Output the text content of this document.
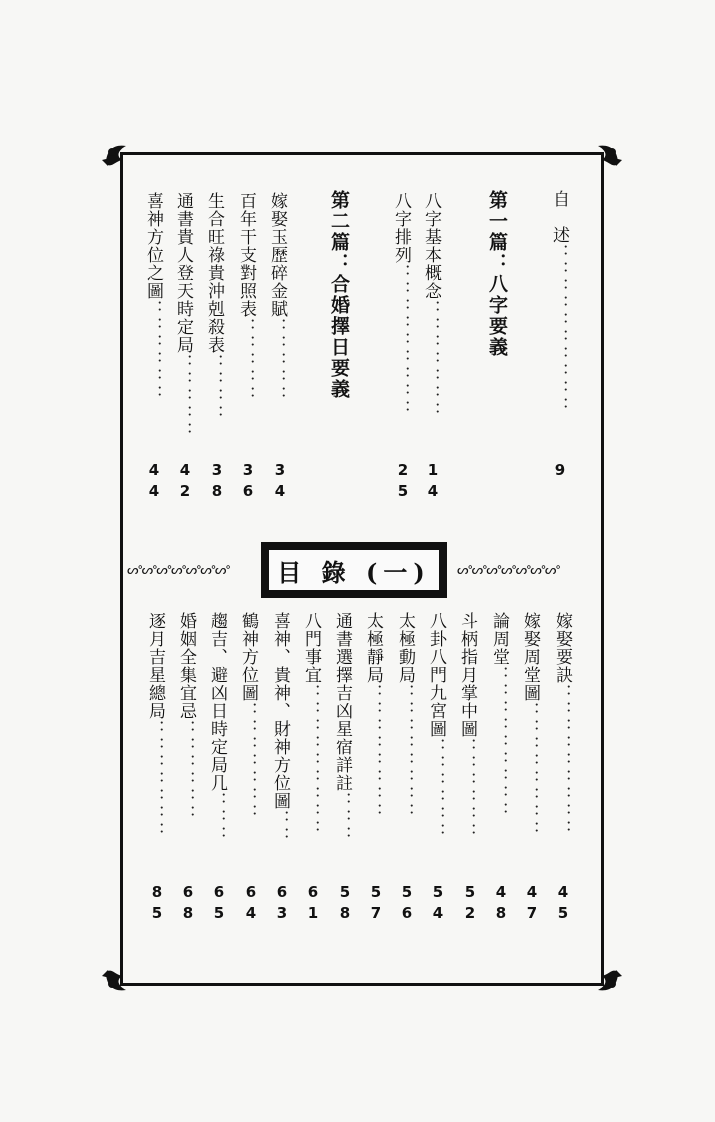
自　述：：：：：：：：：：
9
第一篇：八字要義
八字基本概念：：：：：：：
1
4
八字排列：：：：：：：：：
2
5
第二篇：合婚擇日要義
嫁娶玉歷碎金賦：：：：：
3
4
百年干支對照表：：：：：
3
6
生合旺祿貴沖剋殺表：：：：
3
8
通書貴人登天時定局：：：：：
4
2
喜神方位之圖：：：：：：
4
4
ᔕᐤᔕᐤᔕᐤᔕᐤᔕᐤᔕᐤᔕᐤ	目 錄 (一)	ᔕᐤᔕᐤᔕᐤᔕᐤᔕᐤᔕᐤᔕᐤ
嫁娶要訣：：：：：：：：：
4
5
嫁娶周堂圖：：：：：：：：
4
7
論周堂：：：：：：：：：
4
8
斗柄指月掌中圖：：：：：：
5
2
八卦八門九宮圖：：：：：：
5
4
太極動局：：：：：：：：
5
6
太極靜局：：：：：：：：
5
7
通書選擇吉凶星宿詳註：：：
5
8
八門事宜：：：：：：：：：
6
1
喜神、貴神、財神方位圖：：
6
3
鶴神方位圖：：：：：：：
6
4
趨吉、避凶日時定局几：：：
6
5
婚姻全集宜忌：：：：：：
6
8
逐月吉星總局：：：：：：：
8
5
